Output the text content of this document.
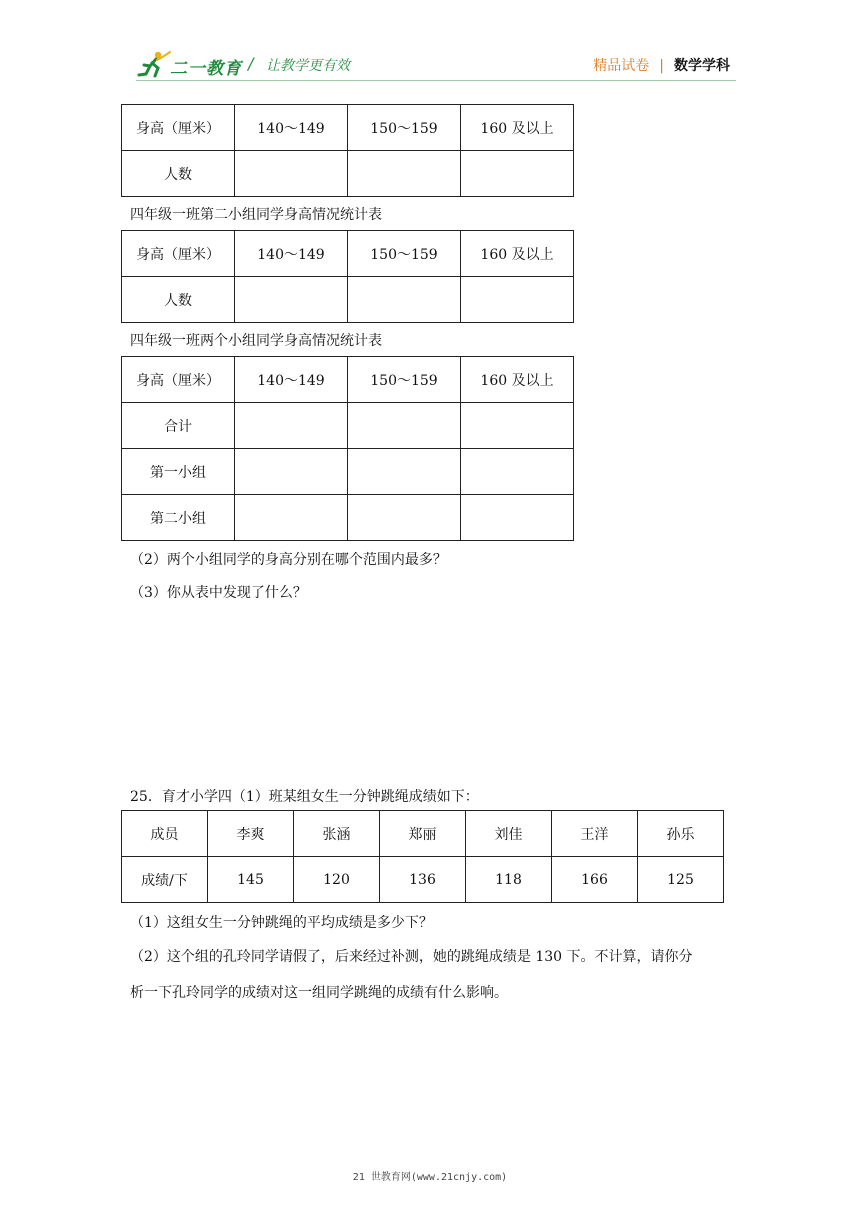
二一教育 / 让教学更有效	精品试卷 | 数学学科
身高（厘米）	140～149	150～159	160 及以上
人数			
四年级一班第二小组同学身高情况统计表
身高（厘米）	140～149	150～159	160 及以上
人数			
四年级一班两个小组同学身高情况统计表
身高（厘米）	140～149	150～159	160 及以上
合计			
第一小组			
第二小组			
（2）两个小组同学的身高分别在哪个范围内最多？
（3）你从表中发现了什么？
25．育才小学四（1）班某组女生一分钟跳绳成绩如下：
成员	李爽	张涵	郑丽	刘佳	王洋	孙乐
成绩/下	145	120	136	118	166	125
（1）这组女生一分钟跳绳的平均成绩是多少下？
（2）这个组的孔玲同学请假了，后来经过补测，她的跳绳成绩是 130 下。不计算，请你分
析一下孔玲同学的成绩对这一组同学跳绳的成绩有什么影响。
21 世教育网(www.21cnjy.com)
